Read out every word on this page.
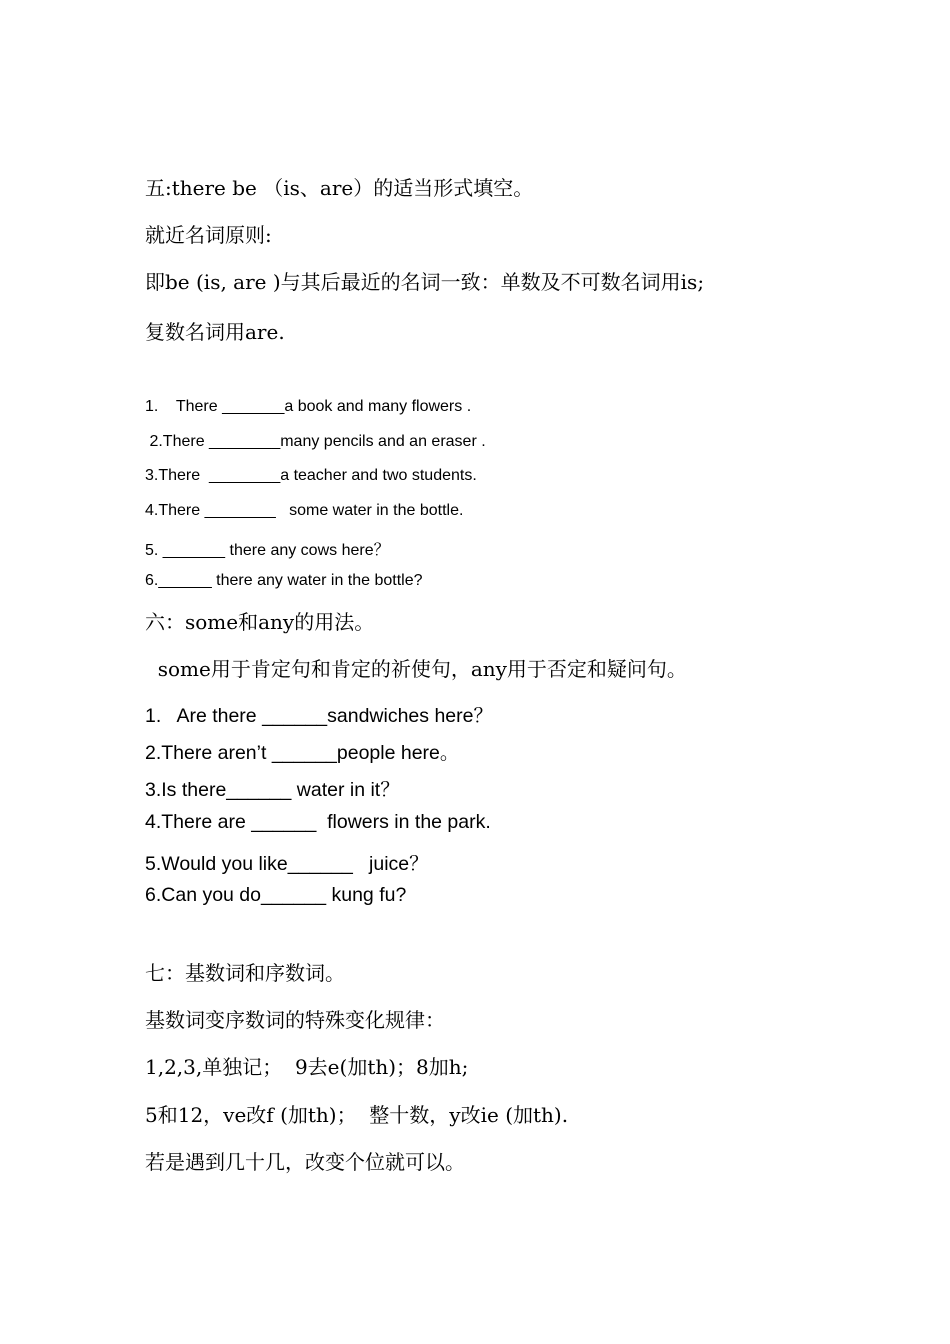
五:there be （is、are）的适当形式填空。

就近名词原则:

即be (is, are )与其后最近的名词一致：单数及不可数名词用is;

复数名词用are.

1.    There _______a book and many flowers .

2.There ________many pencils and an eraser .

3.There  ________a teacher and two students.

4.There ________   some water in the bottle.

5. _______ there any cows here？

6.______ there any water in the bottle?

六：some和any的用法。

some用于肯定句和肯定的祈使句，any用于否定和疑问句。

1.   Are there ______sandwiches here？

2.There aren’t ______people here。

3.Is there______ water in it？

4.There are ______  flowers in the park.

5.Would you like______   juice？

6.Can you do______ kung fu?

七：基数词和序数词。

基数词变序数词的特殊变化规律：

1,2,3,单独记；  9去e(加th)；8加h;

5和12，ve改f (加th)；  整十数，y改ie (加th).

若是遇到几十几，改变个位就可以。
